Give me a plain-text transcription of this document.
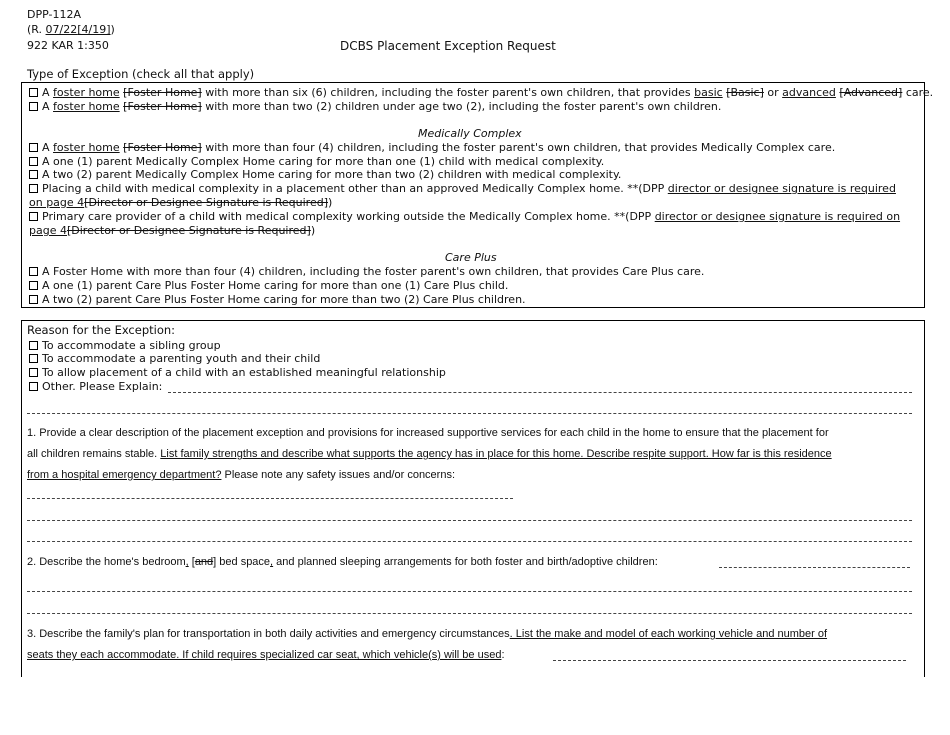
DPP-112A
(R. 07/22[4/19])
922 KAR 1:350	DCBS Placement Exception Request
Type of Exception (check all that apply)
A foster home [Foster Home] with more than six (6) children, including the foster parent's own children, that provides basic [Basic] or advanced [Advanced] care.
A foster home [Foster Home] with more than two (2) children under age two (2), including the foster parent's own children.
Medically Complex
A foster home [Foster Home] with more than four (4) children, including the foster parent's own children, that provides Medically Complex care.
A one (1) parent Medically Complex Home caring for more than one (1) child with medical complexity.
A two (2) parent Medically Complex Home caring for more than two (2) children with medical complexity.
Placing a child with medical complexity in a placement other than an approved Medically Complex home. **(DPP director or designee signature is required on page 4[Director or Designee Signature is Required])
Primary care provider of a child with medical complexity working outside the Medically Complex home. **(DPP director or designee signature is required on page 4[Director or Designee Signature is Required])
Care Plus
A Foster Home with more than four (4) children, including the foster parent's own children, that provides Care Plus care.
A one (1) parent Care Plus Foster Home caring for more than one (1) Care Plus child.
A two (2) parent Care Plus Foster Home caring for more than two (2) Care Plus children.
Reason for the Exception:
To accommodate a sibling group
To accommodate a parenting youth and their child
To allow placement of a child with an established meaningful relationship
Other. Please Explain:
1. Provide a clear description of the placement exception and provisions for increased supportive services for each child in the home to ensure that the placement for
all children remains stable. List family strengths and describe what supports the agency has in place for this home. Describe respite support. How far is this residence
from a hospital emergency department? Please note any safety issues and/or concerns:
2. Describe the home's bedroom, [and] bed space, and planned sleeping arrangements for both foster and birth/adoptive children:
3. Describe the family's plan for transportation in both daily activities and emergency circumstances. List the make and model of each working vehicle and number of
seats they each accommodate. If child requires specialized car seat, which vehicle(s) will be used:
